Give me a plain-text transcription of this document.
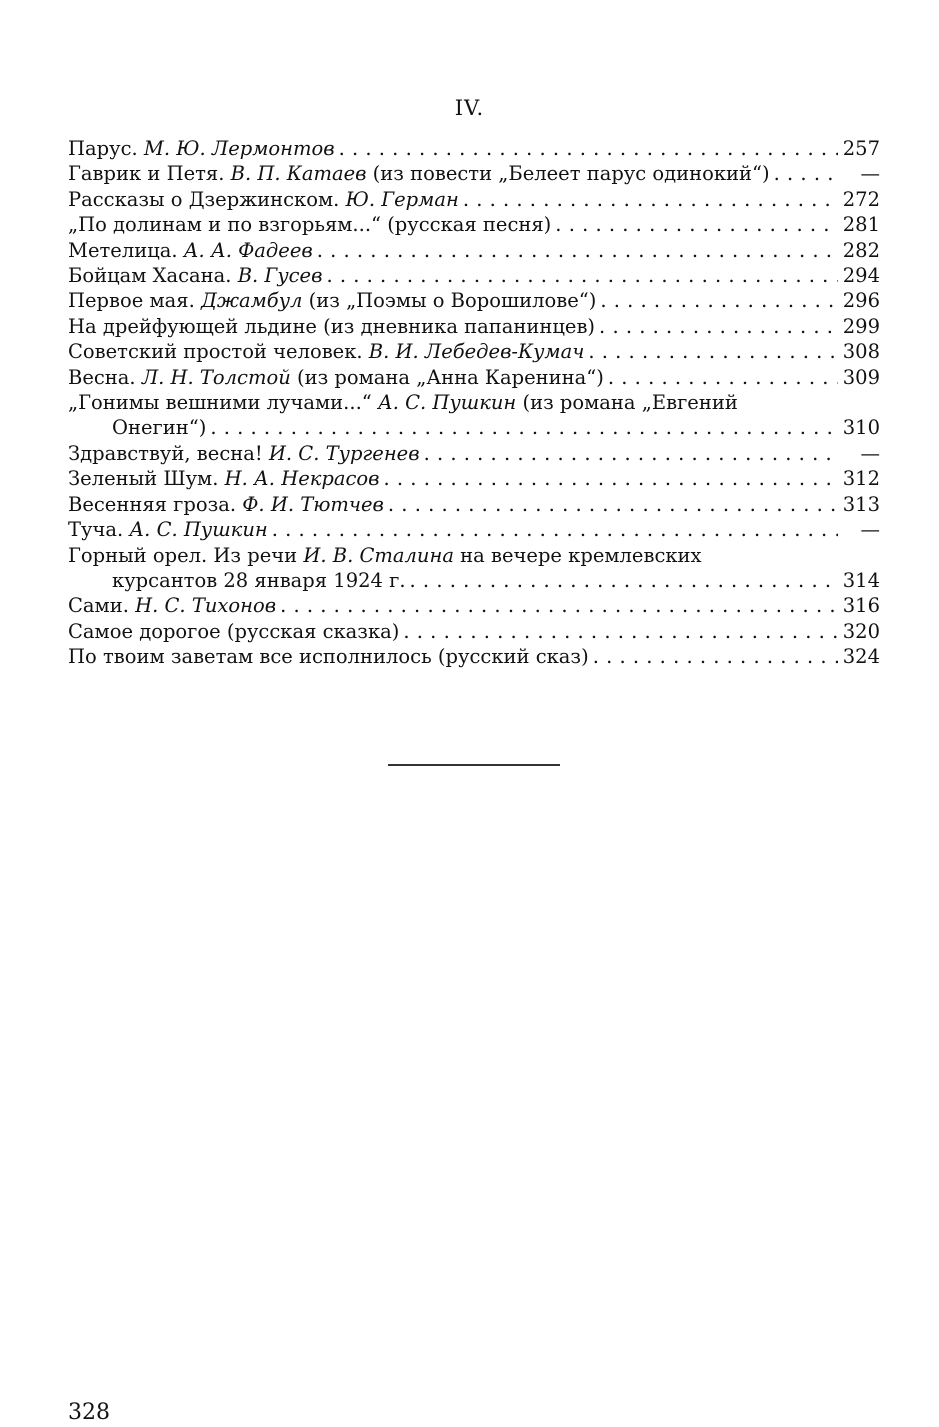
IV.
Парус. М. Ю. Лермонтов . . .	257
Гаврик и Петя. В. П. Катаев (из повести „Белеет парус одинокий“) . . .	—
Рассказы о Дзержинском. Ю. Герман . . .	272
„По долинам и по взгорьям...“ (русская песня) . . .	281
Метелица. А. А. Фадеев . . .	282
Бойцам Хасана. В. Гусев . . .	294
Первое мая. Джамбул (из „Поэмы о Ворошилове“) . . .	296
На дрейфующей льдине (из дневника папанинцев) . . .	299
Советский простой человек. В. И. Лебедев-Кумач . . .	308
Весна. Л. Н. Толстой (из романа „Анна Каренина“) . . .	309
„Гонимы вешними лучами...“ А. С. Пушкин (из романа „Евгений
Онегин“) . . .	310
Здравствуй, весна! И. С. Тургенев . . .	—
Зеленый Шум. Н. А. Некрасов . . .	312
Весенняя гроза. Ф. И. Тютчев . . .	313
Туча. А. С. Пушкин . . .	—
Горный орел. Из речи И. В. Сталина на вечере кремлевских
курсантов 28 января 1924 г. . . .	314
Сами. Н. С. Тихонов . . .	316
Самое дорогое (русская сказка) . . .	320
По твоим заветам все исполнилось (русский сказ) . . .	324
328
